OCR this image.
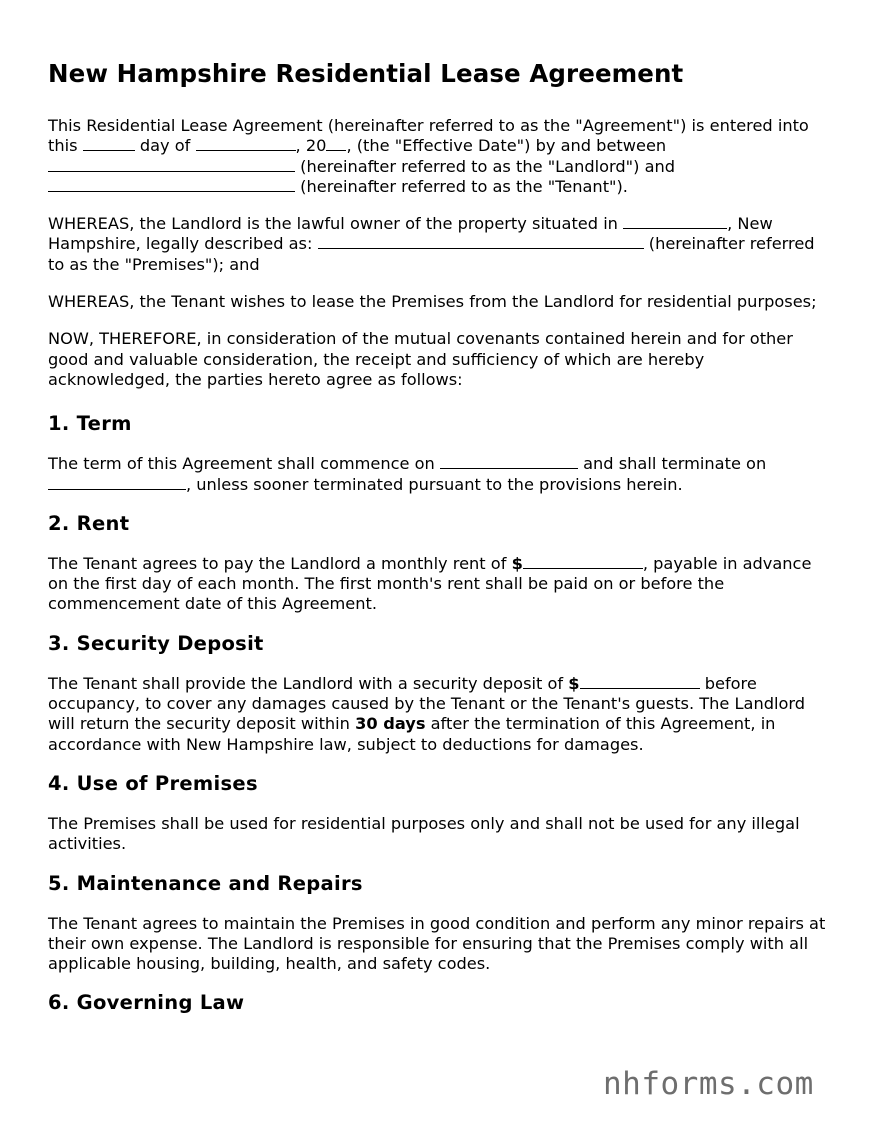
New Hampshire Residential Lease Agreement

This Residential Lease Agreement (hereinafter referred to as the "Agreement") is entered into this	day of	, 20 , (the "Effective Date") by and between
(hereinafter referred to as the "Landlord") and
(hereinafter referred to as the "Tenant").

WHEREAS, the Landlord is the lawful owner of the property situated in	, New Hampshire, legally described as:	(hereinafter referred to as the "Premises"); and

WHEREAS, the Tenant wishes to lease the Premises from the Landlord for residential purposes;

NOW, THEREFORE, in consideration of the mutual covenants contained herein and for other good and valuable consideration, the receipt and sufficiency of which are hereby acknowledged, the parties hereto agree as follows:

1. Term

The term of this Agreement shall commence on	and shall terminate on , unless sooner terminated pursuant to the provisions herein.

2. Rent

The Tenant agrees to pay the Landlord a monthly rent of $	, payable in advance on the first day of each month. The first month's rent shall be paid on or before the commencement date of this Agreement.

3. Security Deposit

The Tenant shall provide the Landlord with a security deposit of $	before occupancy, to cover any damages caused by the Tenant or the Tenant's guests. The Landlord will return the security deposit within 30 days after the termination of this Agreement, in accordance with New Hampshire law, subject to deductions for damages.

4. Use of Premises

The Premises shall be used for residential purposes only and shall not be used for any illegal activities.

5. Maintenance and Repairs

The Tenant agrees to maintain the Premises in good condition and perform any minor repairs at their own expense. The Landlord is responsible for ensuring that the Premises comply with all applicable housing, building, health, and safety codes.

6. Governing Law
nhforms.com
